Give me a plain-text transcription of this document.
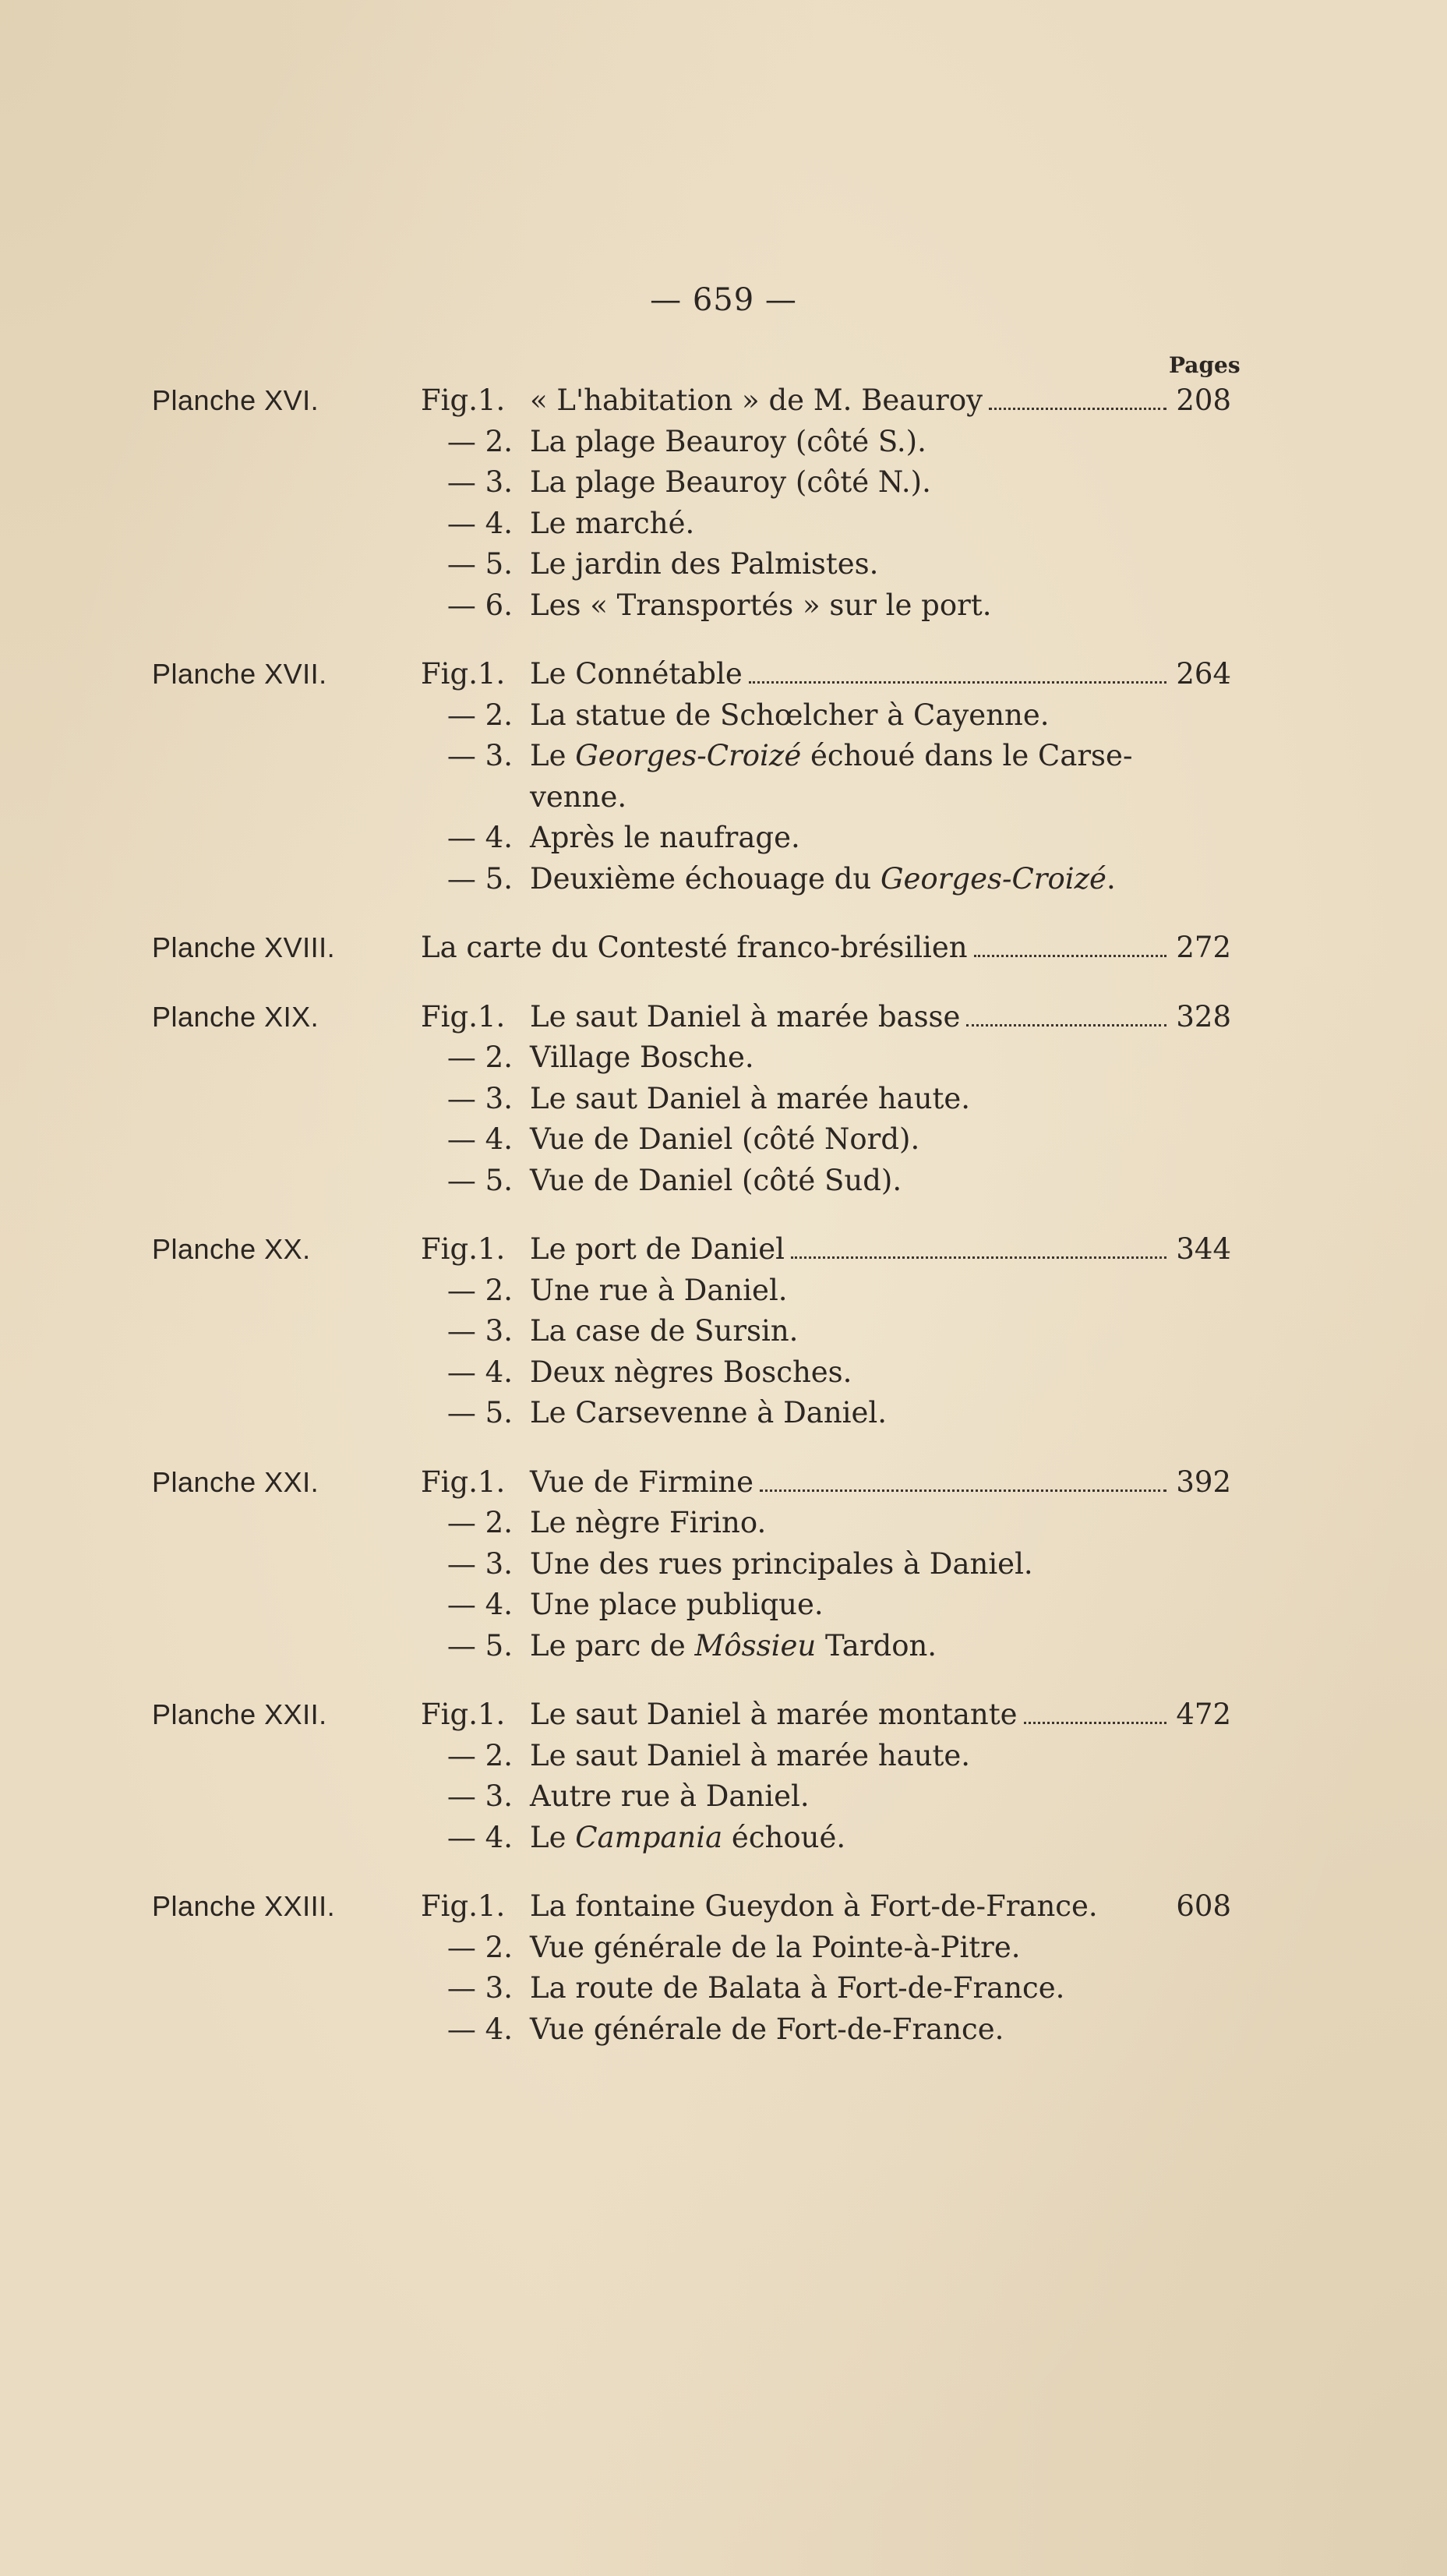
— 659 —
Pages
Planche XVI.	Fig.1. « L'habitation » de M. Beauroy	208
— 2. La plage Beauroy (côté S.).
— 3. La plage Beauroy (côté N.).
— 4. Le marché.
— 5. Le jardin des Palmistes.
— 6. Les « Transportés » sur le port.
Planche XVII.	Fig.1. Le Connétable	264
— 2. La statue de Schœlcher à Cayenne.
— 3. Le Georges-Croizé échoué dans le Carse-
venne.
— 4. Après le naufrage.
— 5. Deuxième échouage du Georges-Croizé.
Planche XVIII.	La carte du Contesté franco-brésilien	272
Planche XIX.	Fig.1. Le saut Daniel à marée basse	328
— 2. Village Bosche.
— 3. Le saut Daniel à marée haute.
— 4. Vue de Daniel (côté Nord).
— 5. Vue de Daniel (côté Sud).
Planche XX.	Fig.1. Le port de Daniel	344
— 2. Une rue à Daniel.
— 3. La case de Sursin.
— 4. Deux nègres Bosches.
— 5. Le Carsevenne à Daniel.
Planche XXI.	Fig.1. Vue de Firmine	392
— 2. Le nègre Firino.
— 3. Une des rues principales à Daniel.
— 4. Une place publique.
— 5. Le parc de Môssieu Tardon.
Planche XXII.	Fig.1. Le saut Daniel à marée montante	472
— 2. Le saut Daniel à marée haute.
— 3. Autre rue à Daniel.
— 4. Le Campania échoué.
Planche XXIII.	Fig.1. La fontaine Gueydon à Fort-de-France.	608
— 2. Vue générale de la Pointe-à-Pitre.
— 3. La route de Balata à Fort-de-France.
— 4. Vue générale de Fort-de-France.
